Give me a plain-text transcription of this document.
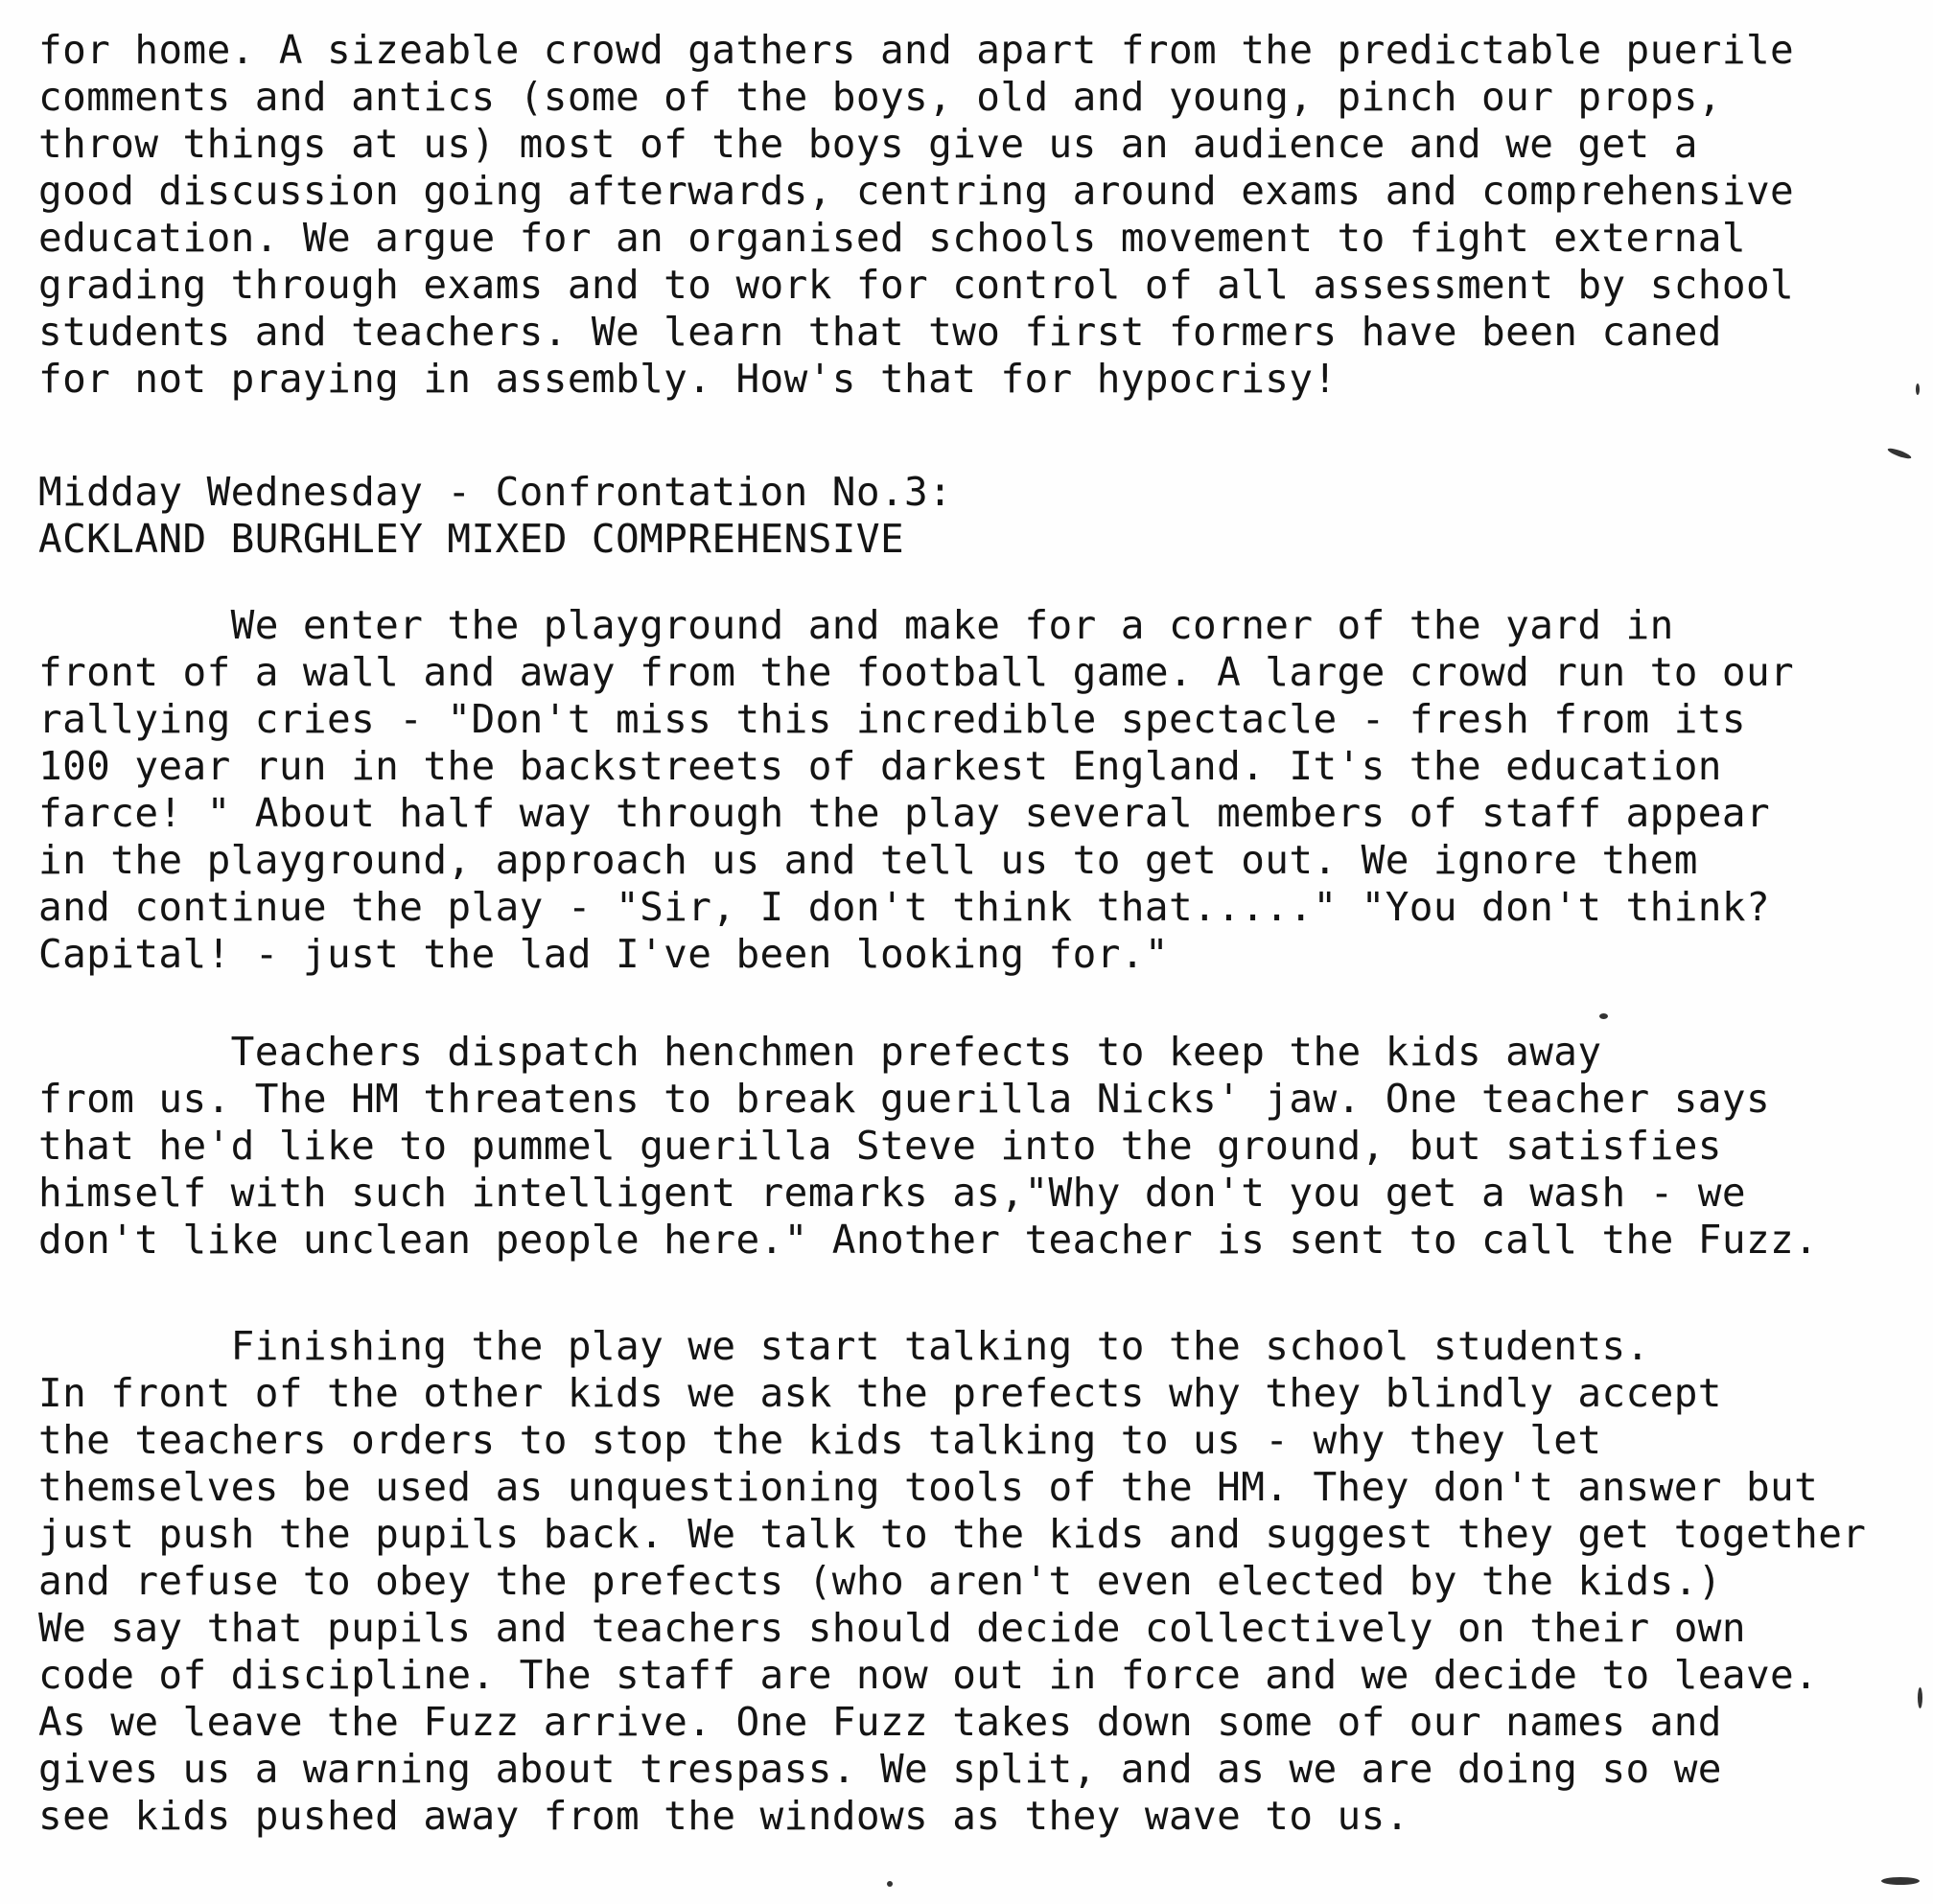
for home. A sizeable crowd gathers and apart from the predictable puerile
comments and antics (some of the boys, old and young, pinch our props,
throw things at us) most of the boys give us an audience and we get a
good discussion going afterwards, centring around exams and comprehensive
education. We argue for an organised schools movement to fight external
grading through exams and to work for control of all assessment by school
students and teachers. We learn that two first formers have been caned
for not praying in assembly. How's that for hypocrisy!
Midday Wednesday - Confrontation No.3:
ACKLAND BURGHLEY MIXED COMPREHENSIVE
We enter the playground and make for a corner of the yard in
front of a wall and away from the football game. A large crowd run to our
rallying cries - "Don't miss this incredible spectacle - fresh from its
100 year run in the backstreets of darkest England. It's the education
farce! " About half way through the play several members of staff appear
in the playground, approach us and tell us to get out. We ignore them
and continue the play - "Sir, I don't think that....." "You don't think?
Capital! - just the lad I've been looking for."
Teachers dispatch henchmen prefects to keep the kids away
from us. The HM threatens to break guerilla Nicks' jaw. One teacher says
that he'd like to pummel guerilla Steve into the ground, but satisfies
himself with such intelligent remarks as,"Why don't you get a wash - we
don't like unclean people here." Another teacher is sent to call the Fuzz.
Finishing the play we start talking to the school students.
In front of the other kids we ask the prefects why they blindly accept
the teachers orders to stop the kids talking to us - why they let
themselves be used as unquestioning tools of the HM. They don't answer but
just push the pupils back. We talk to the kids and suggest they get together
and refuse to obey the prefects (who aren't even elected by the kids.)
We say that pupils and teachers should decide collectively on their own
code of discipline. The staff are now out in force and we decide to leave.
As we leave the Fuzz arrive. One Fuzz takes down some of our names and
gives us a warning about trespass. We split, and as we are doing so we
see kids pushed away from the windows as they wave to us.
